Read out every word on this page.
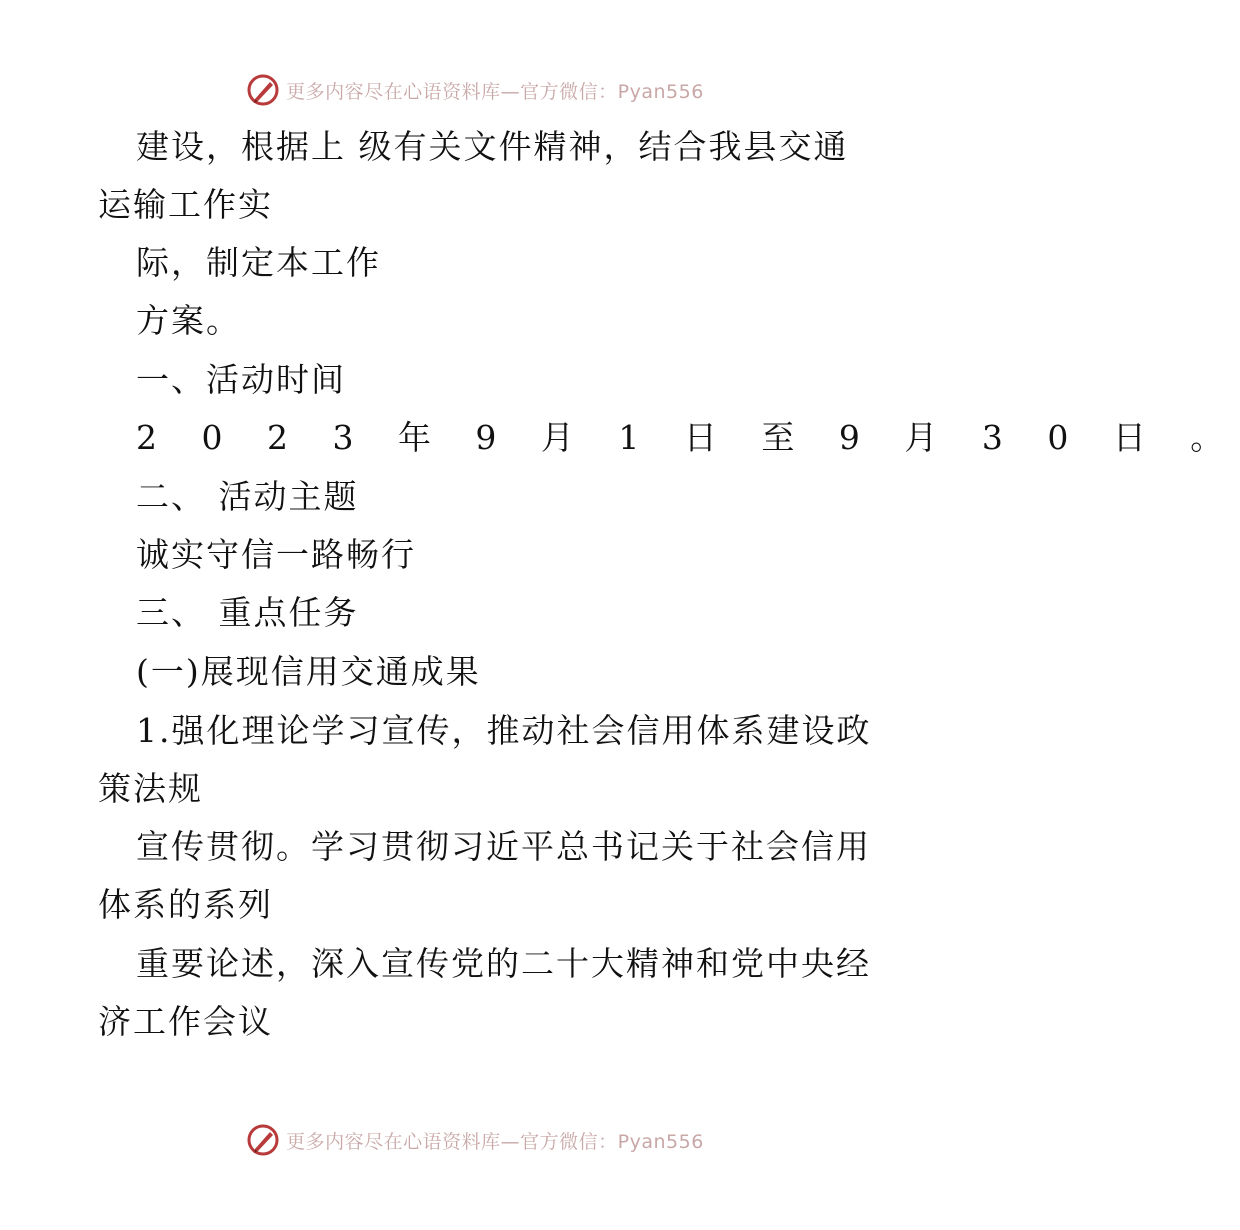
更多内容尽在心语资料库—官方微信：Pyan556
建设，根据上 级有关文件精神，结合我县交通
运输工作实
际，制定本工作
方案。
一、活动时间
2 0 2 3 年 9 月 1 日 至 9 月 3 0 日 。
二、 活动主题
诚实守信一路畅行
三、 重点任务
(一)展现信用交通成果
1.强化理论学习宣传，推动社会信用体系建设政
策法规
宣传贯彻。学习贯彻习近平总书记关于社会信用
体系的系列
重要论述，深入宣传党的二十大精神和党中央经
济工作会议
更多内容尽在心语资料库—官方微信：Pyan556
